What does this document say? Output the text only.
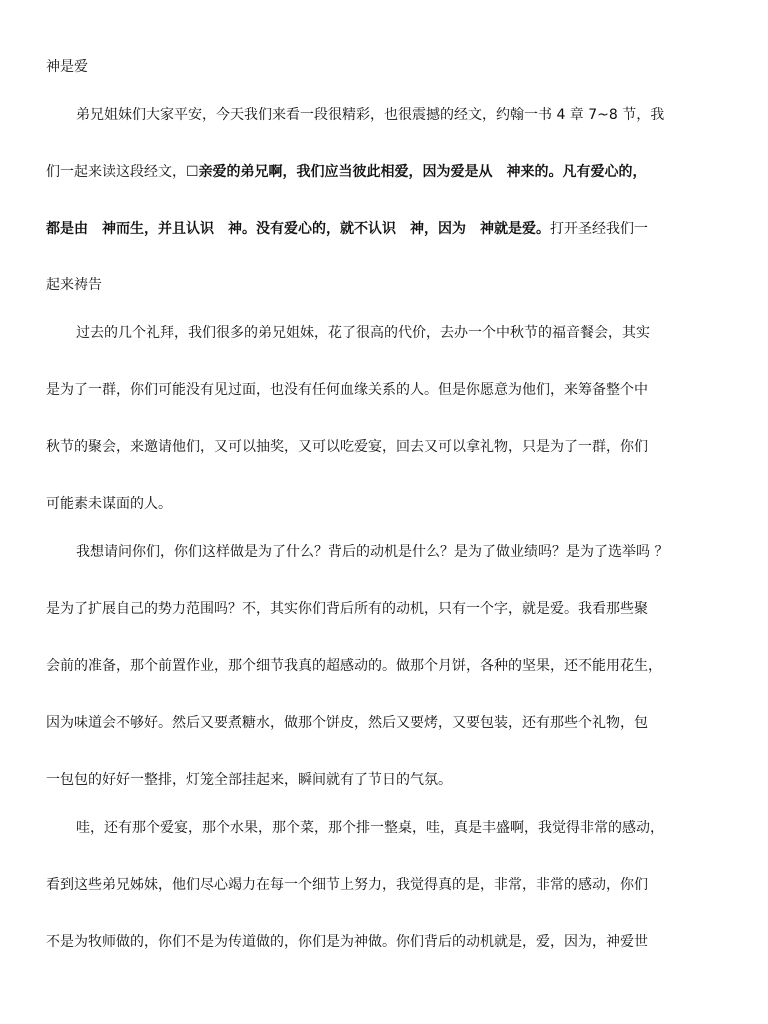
神是爱
弟兄姐妹们大家平安，今天我们来看一段很精彩，也很震撼的经文，约翰一书 4 章 7~8 节，我
们一起来读这段经文，☐亲爱的弟兄啊，我们应当彼此相爱，因为爱是从　神来的。凡有爱心的，
都是由　神而生，并且认识　神。没有爱心的，就不认识　神，因为　神就是爱。打开圣经我们一
起来祷告
过去的几个礼拜，我们很多的弟兄姐妹，花了很高的代价，去办一个中秋节的福音餐会，其实
是为了一群，你们可能没有见过面，也没有任何血缘关系的人。但是你愿意为他们，来筹备整个中
秋节的聚会，来邀请他们，又可以抽奖，又可以吃爱宴，回去又可以拿礼物，只是为了一群，你们
可能素未谋面的人。
我想请问你们，你们这样做是为了什么？背后的动机是什么？是为了做业绩吗？是为了选举吗 ？
是为了扩展自己的势力范围吗？不，其实你们背后所有的动机，只有一个字，就是爱。我看那些聚
会前的准备，那个前置作业，那个细节我真的超感动的。做那个月饼，各种的坚果，还不能用花生，
因为味道会不够好。然后又要煮糖水，做那个饼皮，然后又要烤，又要包装，还有那些个礼物，包
一包包的好好一整排，灯笼全部挂起来，瞬间就有了节日的气氛。
哇，还有那个爱宴，那个水果，那个菜，那个排一整桌，哇，真是丰盛啊，我觉得非常的感动，
看到这些弟兄姊妹，他们尽心竭力在每一个细节上努力，我觉得真的是，非常，非常的感动，你们
不是为牧师做的，你们不是为传道做的，你们是为神做。你们背后的动机就是，爱，因为，神爱世
